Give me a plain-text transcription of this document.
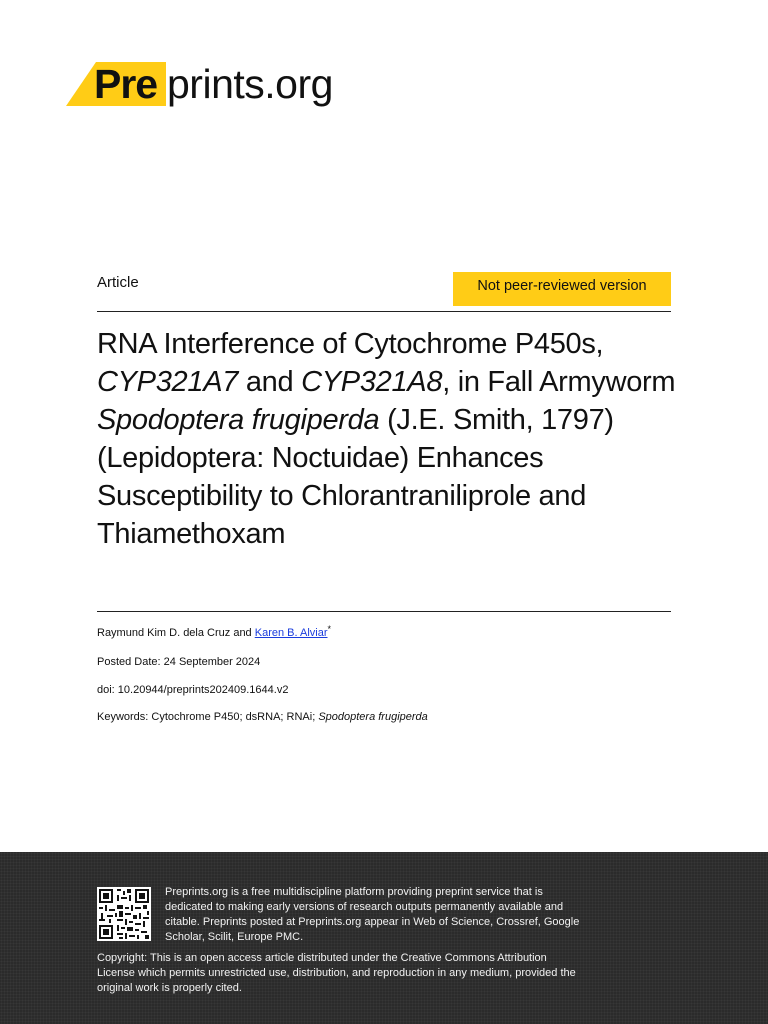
Pre prints.org
Article	Not peer-reviewed version
RNA Interference of Cytochrome P450s, CYP321A7 and CYP321A8, in Fall Armyworm Spodoptera frugiperda (J.E. Smith, 1797) (Lepidoptera: Noctuidae) Enhances Susceptibility to Chlorantraniliprole and Thiamethoxam
Raymund Kim D. dela Cruz and Karen B. Alviar*
Posted Date: 24 September 2024
doi: 10.20944/preprints202409.1644.v2
Keywords: Cytochrome P450; dsRNA; RNAi; Spodoptera frugiperda
Preprints.org is a free multidiscipline platform providing preprint service that is dedicated to making early versions of research outputs permanently available and citable. Preprints posted at Preprints.org appear in Web of Science, Crossref, Google Scholar, Scilit, Europe PMC.
Copyright: This is an open access article distributed under the Creative Commons Attribution License which permits unrestricted use, distribution, and reproduction in any medium, provided the original work is properly cited.
